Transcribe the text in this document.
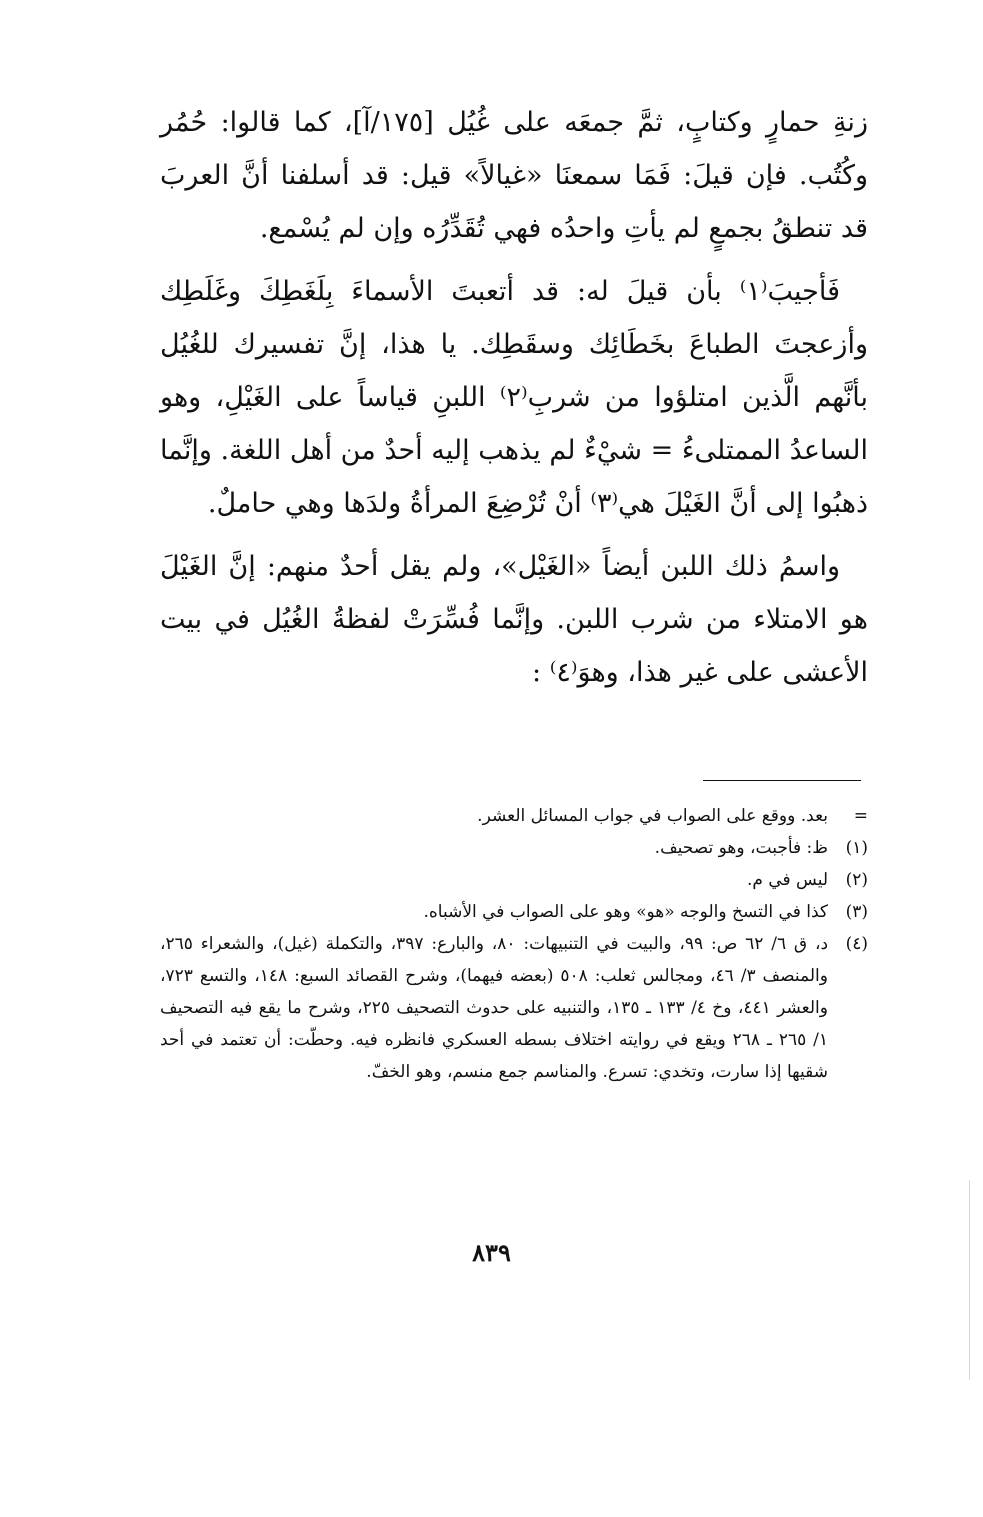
زنةِ حمارٍ وكتابٍ، ثمَّ جمعَه على غُيُل [١٧٥/آ]، كما قالوا: حُمُر وكُتُب. فإن قيلَ: فَمَا سمعنَا «غيالاً» قيل: قد أسلفنا أنَّ العربَ قد تنطقُ بجمعٍ لم يأتِ واحدُه فهي تُقَدِّرُه وإن لم يُسْمع.

فَأجيبَ⁽١⁾ بأن قيلَ له: قد أتعبتَ الأسماءَ بِلَغَطِكَ وغَلَطِك وأزعجتَ الطباعَ بخَطَائِك وسقَطِك. يا هذا، إنَّ تفسيرك للغُيُل بأنَّهم الَّذين امتلؤوا من شربِ⁽٢⁾ اللبنِ قياساً على الغَيْلِ، وهو الساعدُ الممتلىءُ = شيْءٌ لم يذهب إليه أحدٌ من أهل اللغة. وإنَّما ذهبُوا إلى أنَّ الغَيْلَ هي⁽٣⁾ أنْ تُرْضِعَ المرأةُ ولدَها وهي حاملٌ.

واسمُ ذلك اللبن أيضاً «الغَيْل»، ولم يقل أحدٌ منهم: إنَّ الغَيْلَ هو الامتلاء من شرب اللبن. وإنَّما فُسِّرَتْ لفظةُ الغُيُل في بيت الأعشى على غير هذا، وهوَ⁽٤⁾ :

=
بعد. ووقع على الصواب في جواب المسائل العشر.
(١)
ظ: فأجبت، وهو تصحيف.
(٢)
ليس في م.
(٣)
كذا في التسخ والوجه «هو» وهو على الصواب في الأشباه.
(٤)
د، ق ٦/ ٦٢ ص: ٩٩، والبيت في التنبيهات: ٨٠، والبارع: ٣٩٧، والتكملة (غيل)، والشعراء ٢٦٥، والمنصف ٣/ ٤٦، ومجالس ثعلب: ٥٠٨ (بعضه فيهما)، وشرح القصائد السبع: ١٤٨، والتسع ٧٢٣، والعشر ٤٤١، وخ ٤/ ١٣٣ ـ ١٣٥، والتنبيه على حدوث التصحيف ٢٢٥، وشرح ما يقع فيه التصحيف ١/ ٢٦٥ ـ ٢٦٨ ويقع في روايته اختلاف بسطه العسكري فانظره فيه. وحطّت: أن تعتمد في أحد شقيها إذا سارت، وتخدي: تسرع. والمناسم جمع منسم، وهو الخفّ.
٨٣٩
